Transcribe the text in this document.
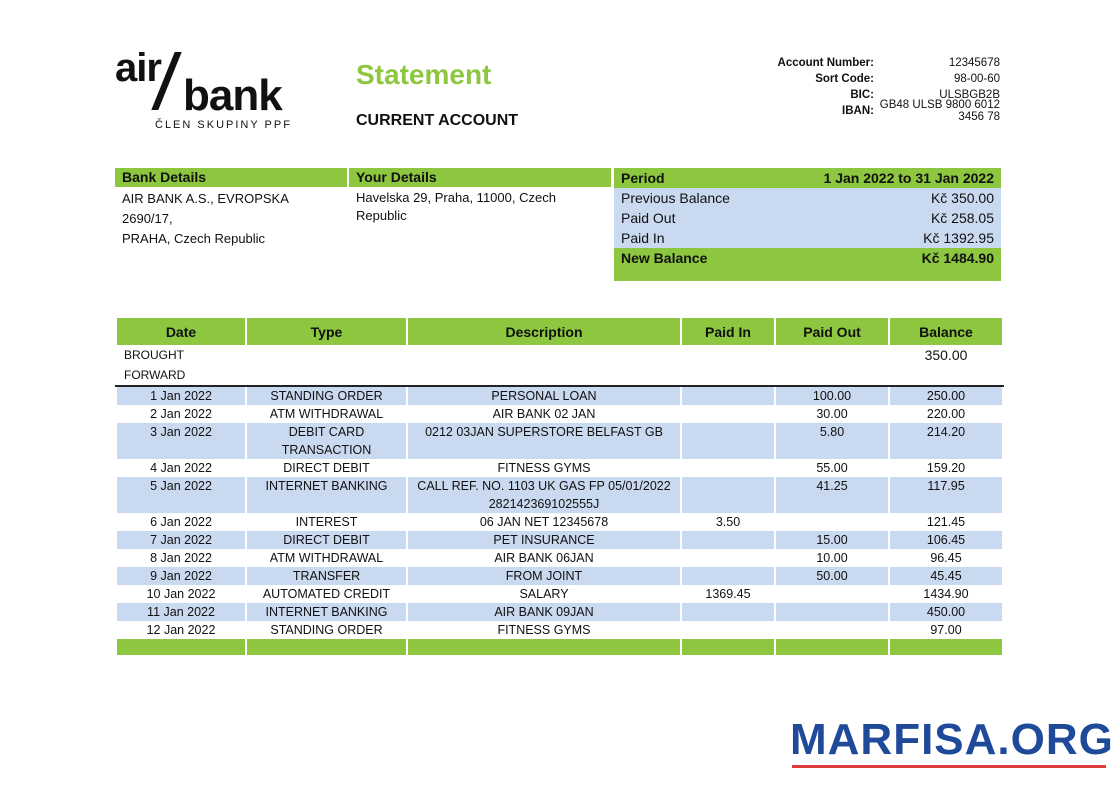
air
bank
ČLEN SKUPINY PPF
Statement
CURRENT ACCOUNT
Account Number:	12345678
Sort Code:	98-00-60
BIC:	ULSBGB2B
IBAN: GB48 ULSB 9800 6012 3456 78
Bank Details
AIR BANK A.S., EVROPSKA 2690/17,
PRAHA, Czech Republic
Your Details
Havelska 29, Praha, 11000, Czech
Republic
Period	1 Jan 2022 to 31 Jan 2022
Previous Balance	Kč 350.00
Paid Out	Kč 258.05
Paid In	Kč 1392.95
New Balance	Kč 1484.90
Date	Type	Description	Paid In	Paid Out	Balance
BROUGHT FORWARD					350.00
1 Jan 2022	STANDING ORDER	PERSONAL LOAN		100.00	250.00
2 Jan 2022	ATM WITHDRAWAL	AIR BANK 02 JAN		30.00	220.00
3 Jan 2022	DEBIT CARD TRANSACTION	0212 03JAN SUPERSTORE BELFAST GB		5.80	214.20
4 Jan 2022	DIRECT DEBIT	FITNESS GYMS		55.00	159.20
5 Jan 2022	INTERNET BANKING	CALL REF. NO. 1103 UK GAS FP 05/01/2022 282142369102555J		41.25	117.95
6 Jan 2022	INTEREST	06 JAN NET 12345678	3.50		121.45
7 Jan 2022	DIRECT DEBIT	PET INSURANCE		15.00	106.45
8 Jan 2022	ATM WITHDRAWAL	AIR BANK 06JAN		10.00	96.45
9 Jan 2022	TRANSFER	FROM JOINT		50.00	45.45
10 Jan 2022	AUTOMATED CREDIT	SALARY	1369.45		1434.90
11 Jan 2022	INTERNET BANKING	AIR BANK 09JAN			450.00
12 Jan 2022	STANDING ORDER	FITNESS GYMS			97.00

MARFISA.ORG
